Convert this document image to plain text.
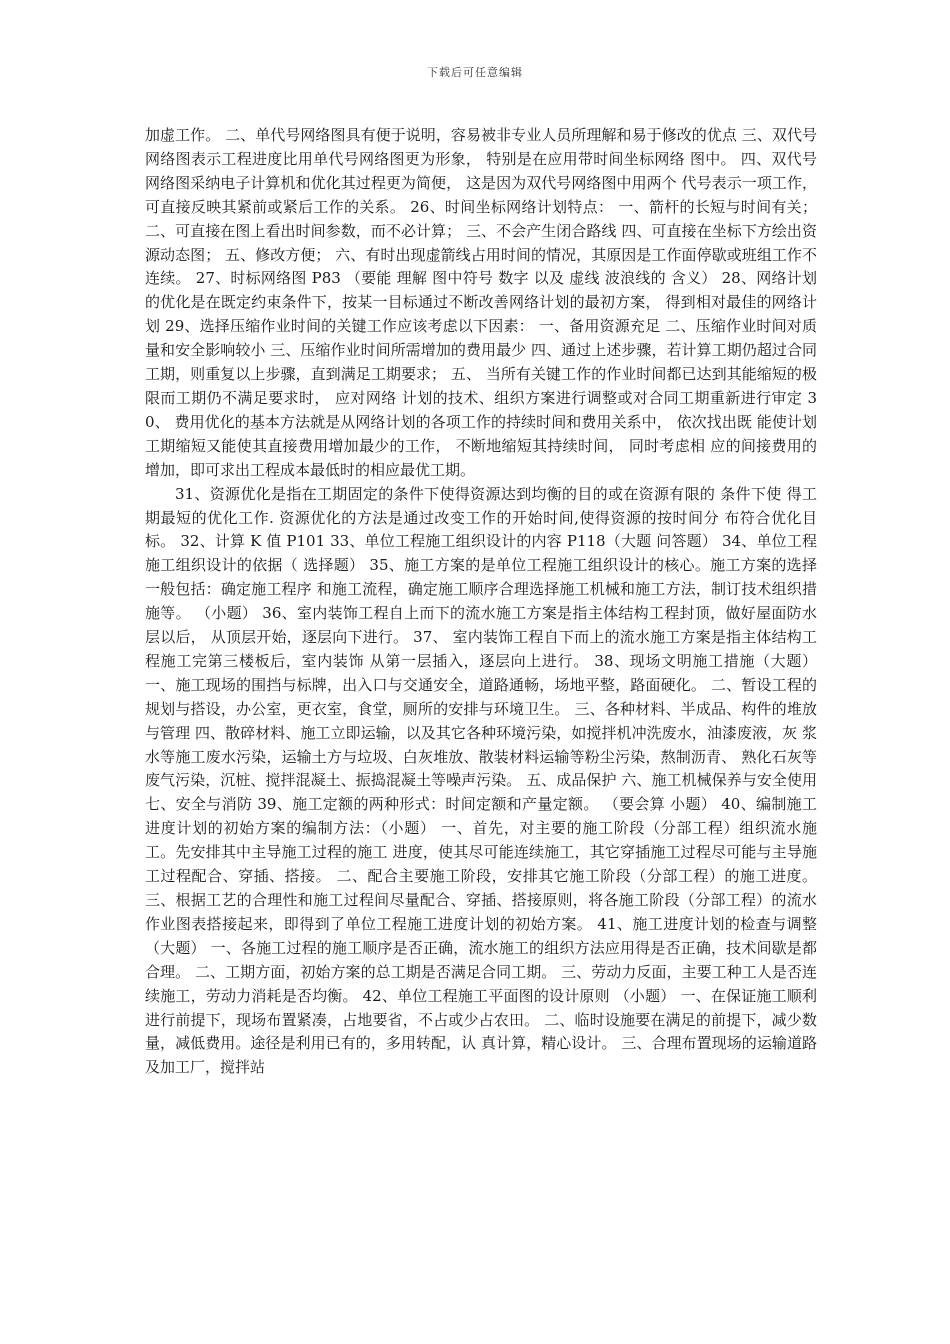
下载后可任意编辑

加虚工作。 二、单代号网络图具有便于说明，容易被非专业人员所理解和易于修改的优点 三、双代号网络图表示工程进度比用单代号网络图更为形象， 特别是在应用带时间坐标网络 图中。 四、双代号网络图采纳电子计算机和优化其过程更为简便， 这是因为双代号网络图中用两个 代号表示一项工作，可直接反映其紧前或紧后工作的关系。 26、时间坐标网络计划特点： 一、箭杆的长短与时间有关； 二、可直接在图上看出时间参数，而不必计算； 三、不会产生闭合路线 四、可直接在坐标下方绘出资源动态图； 五、修改方便； 六、有时出现虚箭线占用时间的情况，其原因是工作面停歇或班组工作不连续。 27、时标网络图 P83 （要能 理解 图中符号 数字 以及 虚线 波浪线的 含义） 28、网络计划的优化是在既定约束条件下，按某一目标通过不断改善网络计划的最初方案， 得到相对最佳的网络计划 29、选择压缩作业时间的关键工作应该考虑以下因素： 一、备用资源充足 二、压缩作业时间对质量和安全影响较小 三、压缩作业时间所需增加的费用最少 四、通过上述步骤，若计算工期仍超过合同工期，则重复以上步骤，直到满足工期要求； 五、 当所有关键工作的作业时间都已达到其能缩短的极限而工期仍不满足要求时， 应对网络 计划的技术、组织方案进行调整或对合同工期重新进行审定 30、 费用优化的基本方法就是从网络计划的各项工作的持续时间和费用关系中， 依次找出既 能使计划工期缩短又能使其直接费用增加最少的工作， 不断地缩短其持续时间， 同时考虑相 应的间接费用的增加，即可求出工程成本最低时的相应最优工期。

31、资源优化是指在工期固定的条件下使得资源达到均衡的目的或在资源有限的 条件下使 得工期最短的优化工作. 资源优化的方法是通过改变工作的开始时间,使得资源的按时间分 布符合优化目标。 32、计算 K 值 P101 33、单位工程施工组织设计的内容 P118（大题 问答题） 34、单位工程施工组织设计的依据（ 选择题） 35、施工方案的是单位工程施工组织设计的核心。施工方案的选择一般包括：确定施工程序 和施工流程，确定施工顺序合理选择施工机械和施工方法，制订技术组织措施等。 （小题） 36、室内装饰工程自上而下的流水施工方案是指主体结构工程封顶，做好屋面防水层以后， 从顶层开始，逐层向下进行。 37、 室内装饰工程自下而上的流水施工方案是指主体结构工程施工完第三楼板后，室内装饰 从第一层插入，逐层向上进行。 38、现场文明施工措施（大题） 一、施工现场的围挡与标牌，出入口与交通安全，道路通畅，场地平整，路面硬化。 二、暂设工程的规划与搭设，办公室，更衣室，食堂，厕所的安排与环境卫生。 三、各种材料、半成品、构件的堆放与管理 四、散碎材料、施工立即运输，以及其它各种环境污染，如搅拌机冲洗废水，油漆废液，灰 浆水等施工废水污染，运输土方与垃圾、白灰堆放、散装材料运输等粉尘污染，熬制沥青、 熟化石灰等废气污染，沉桩、搅拌混凝土、振捣混凝土等噪声污染。 五、成品保护 六、施工机械保养与安全使用 七、安全与消防 39、施工定额的两种形式：时间定额和产量定额。 （要会算 小题） 40、编制施工进度计划的初始方案的编制方法：（小题） 一、首先，对主要的施工阶段（分部工程）组织流水施工。先安排其中主导施工过程的施工 进度，使其尽可能连续施工，其它穿插施工过程尽可能与主导施工过程配合、穿插、搭接。 二、配合主要施工阶段，安排其它施工阶段（分部工程）的施工进度。 三、根据工艺的合理性和施工过程间尽量配合、穿插、搭接原则，将各施工阶段（分部工程）的流水作业图表搭接起来，即得到了单位工程施工进度计划的初始方案。 41、施工进度计划的检查与调整 （大题） 一、各施工过程的施工顺序是否正确，流水施工的组织方法应用得是否正确，技术间歇是都 合理。 二、工期方面，初始方案的总工期是否满足合同工期。 三、劳动力反面，主要工种工人是否连续施工，劳动力消耗是否均衡。 42、单位工程施工平面图的设计原则 （小题） 一、在保证施工顺利进行前提下，现场布置紧凑，占地要省，不占或少占农田。 二、临时设施要在满足的前提下，减少数量，减低费用。途径是利用已有的，多用转配，认 真计算，精心设计。 三、合理布置现场的运输道路及加工厂，搅拌站
